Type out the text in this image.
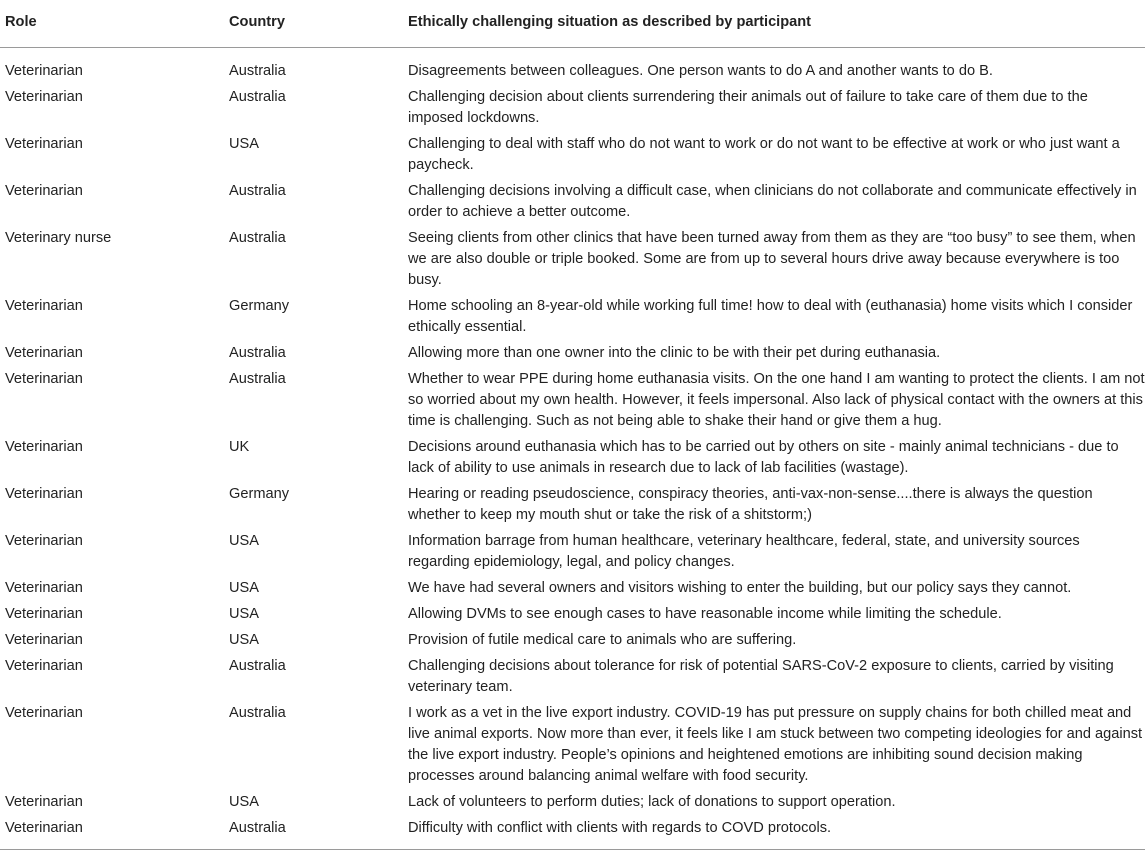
Role	Country	Ethically challenging situation as described by participant
Veterinarian	Australia	Disagreements between colleagues. One person wants to do A and another wants to do B.
Veterinarian	Australia	Challenging decision about clients surrendering their animals out of failure to take care of them due to the imposed lockdowns.
Veterinarian	USA	Challenging to deal with staff who do not want to work or do not want to be effective at work or who just want a paycheck.
Veterinarian	Australia	Challenging decisions involving a difficult case, when clinicians do not collaborate and communicate effectively in order to achieve a better outcome.
Veterinary nurse	Australia	Seeing clients from other clinics that have been turned away from them as they are “too busy” to see them, when we are also double or triple booked. Some are from up to several hours drive away because everywhere is too busy.
Veterinarian	Germany	Home schooling an 8-year-old while working full time! how to deal with (euthanasia) home visits which I consider ethically essential.
Veterinarian	Australia	Allowing more than one owner into the clinic to be with their pet during euthanasia.
Veterinarian	Australia	Whether to wear PPE during home euthanasia visits. On the one hand I am wanting to protect the clients. I am not so worried about my own health. However, it feels impersonal. Also lack of physical contact with the owners at this time is challenging. Such as not being able to shake their hand or give them a hug.
Veterinarian	UK	Decisions around euthanasia which has to be carried out by others on site - mainly animal technicians - due to lack of ability to use animals in research due to lack of lab facilities (wastage).
Veterinarian	Germany	Hearing or reading pseudoscience, conspiracy theories, anti-vax-non-sense....there is always the question whether to keep my mouth shut or take the risk of a shitstorm;)
Veterinarian	USA	Information barrage from human healthcare, veterinary healthcare, federal, state, and university sources regarding epidemiology, legal, and policy changes.
Veterinarian	USA	We have had several owners and visitors wishing to enter the building, but our policy says they cannot.
Veterinarian	USA	Allowing DVMs to see enough cases to have reasonable income while limiting the schedule.
Veterinarian	USA	Provision of futile medical care to animals who are suffering.
Veterinarian	Australia	Challenging decisions about tolerance for risk of potential SARS-CoV-2 exposure to clients, carried by visiting veterinary team.
Veterinarian	Australia	I work as a vet in the live export industry. COVID-19 has put pressure on supply chains for both chilled meat and live animal exports. Now more than ever, it feels like I am stuck between two competing ideologies for and against the live export industry. People’s opinions and heightened emotions are inhibiting sound decision making processes around balancing animal welfare with food security.
Veterinarian	USA	Lack of volunteers to perform duties; lack of donations to support operation.
Veterinarian	Australia	Difficulty with conflict with clients with regards to COVD protocols.
